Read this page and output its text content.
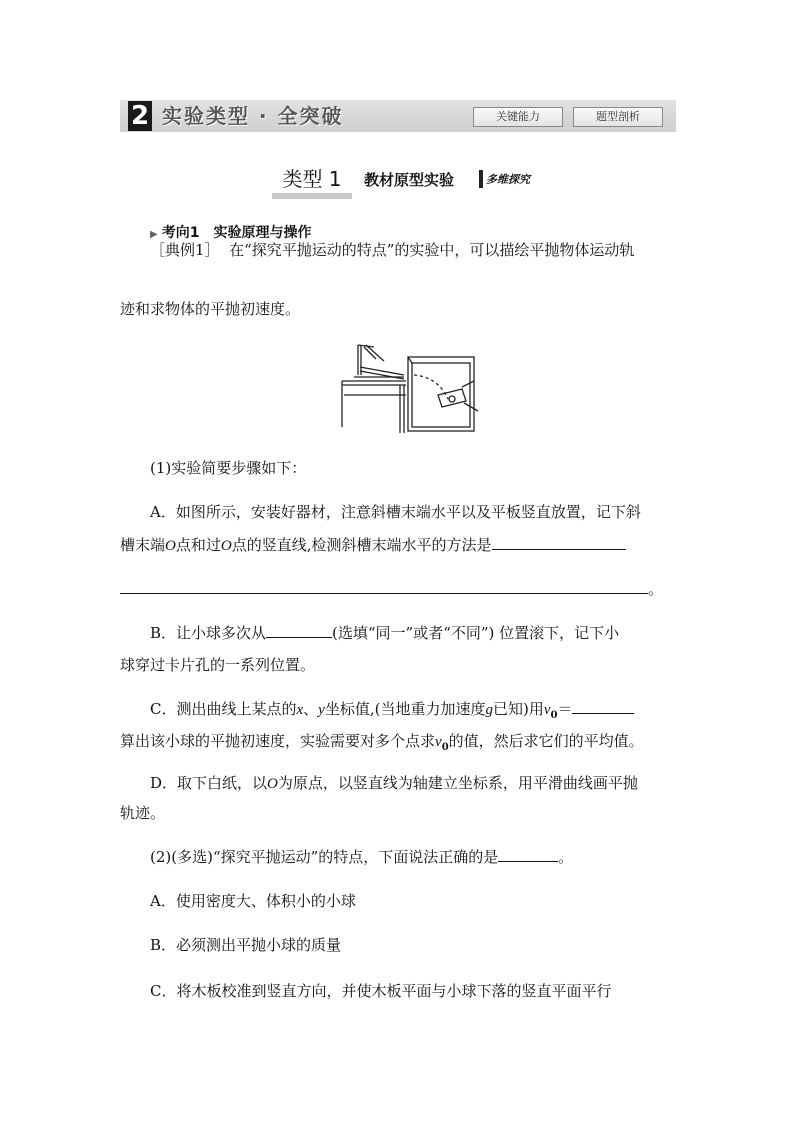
2 实验类型 · 全突破	关键能力	题型剖析
类型 1	教材原型实验	多维探究
▶ 考向1 实验原理与操作
［典例1］ 在“探究平抛运动的特点”的实验中，可以描绘平抛物体运动轨
迹和求物体的平抛初速度。
(1)实验简要步骤如下：
A．如图所示，安装好器材，注意斜槽末端水平以及平板竖直放置，记下斜
槽末端O点和过O点的竖直线,检测斜槽末端水平的方法是
。
B．让小球多次从	(选填“同一”或者“不同”) 位置滚下，记下小
球穿过卡片孔的一系列位置。
C．测出曲线上某点的x、y坐标值,(当地重力加速度g已知)用$v_0=$
算出该小球的平抛初速度，实验需要对多个点求$v_0$的值，然后求它们的平均值。
D．取下白纸，以O为原点，以竖直线为轴建立坐标系，用平滑曲线画平抛
轨迹。
(2)(多选)“探究平抛运动”的特点，下面说法正确的是	。
A．使用密度大、体积小的小球
B．必须测出平抛小球的质量
C．将木板校准到竖直方向，并使木板平面与小球下落的竖直平面平行
